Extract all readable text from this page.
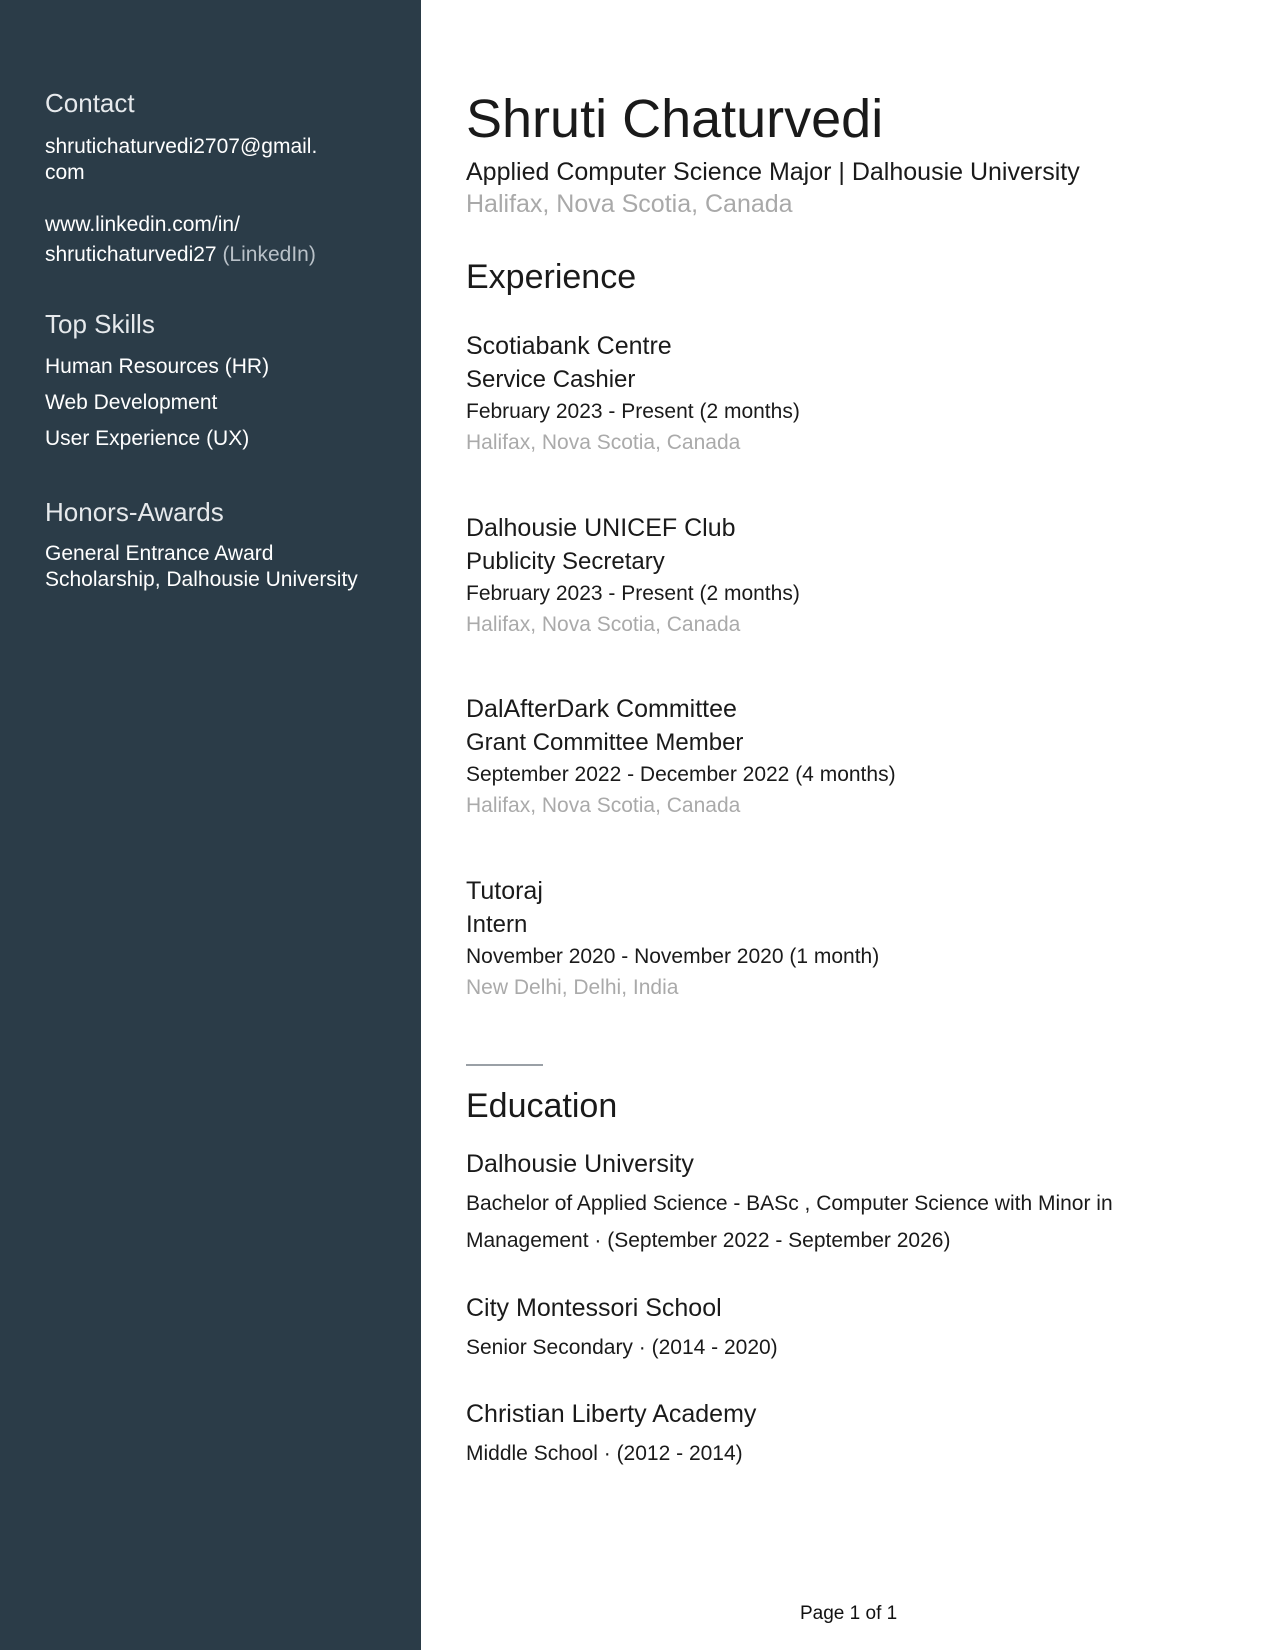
Contact
shrutichaturvedi2707@gmail.
com
www.linkedin.com/in/
shrutichaturvedi27 (LinkedIn)
Top Skills
Human Resources (HR)
Web Development
User Experience (UX)
Honors-Awards
General Entrance Award
Scholarship, Dalhousie University
Shruti Chaturvedi
Applied Computer Science Major | Dalhousie University
Halifax, Nova Scotia, Canada
Experience
Scotiabank Centre
Service Cashier
February 2023 - Present (2 months)
Halifax, Nova Scotia, Canada
Dalhousie UNICEF Club
Publicity Secretary
February 2023 - Present (2 months)
Halifax, Nova Scotia, Canada
DalAfterDark Committee
Grant Committee Member
September 2022 - December 2022 (4 months)
Halifax, Nova Scotia, Canada
Tutoraj
Intern
November 2020 - November 2020 (1 month)
New Delhi, Delhi, India
Education
Dalhousie University
Bachelor of Applied Science - BASc , Computer Science with Minor in
Management · (September 2022 - September 2026)
City Montessori School
Senior Secondary · (2014 - 2020)
Christian Liberty Academy
Middle School · (2012 - 2014)
Page 1 of 1
